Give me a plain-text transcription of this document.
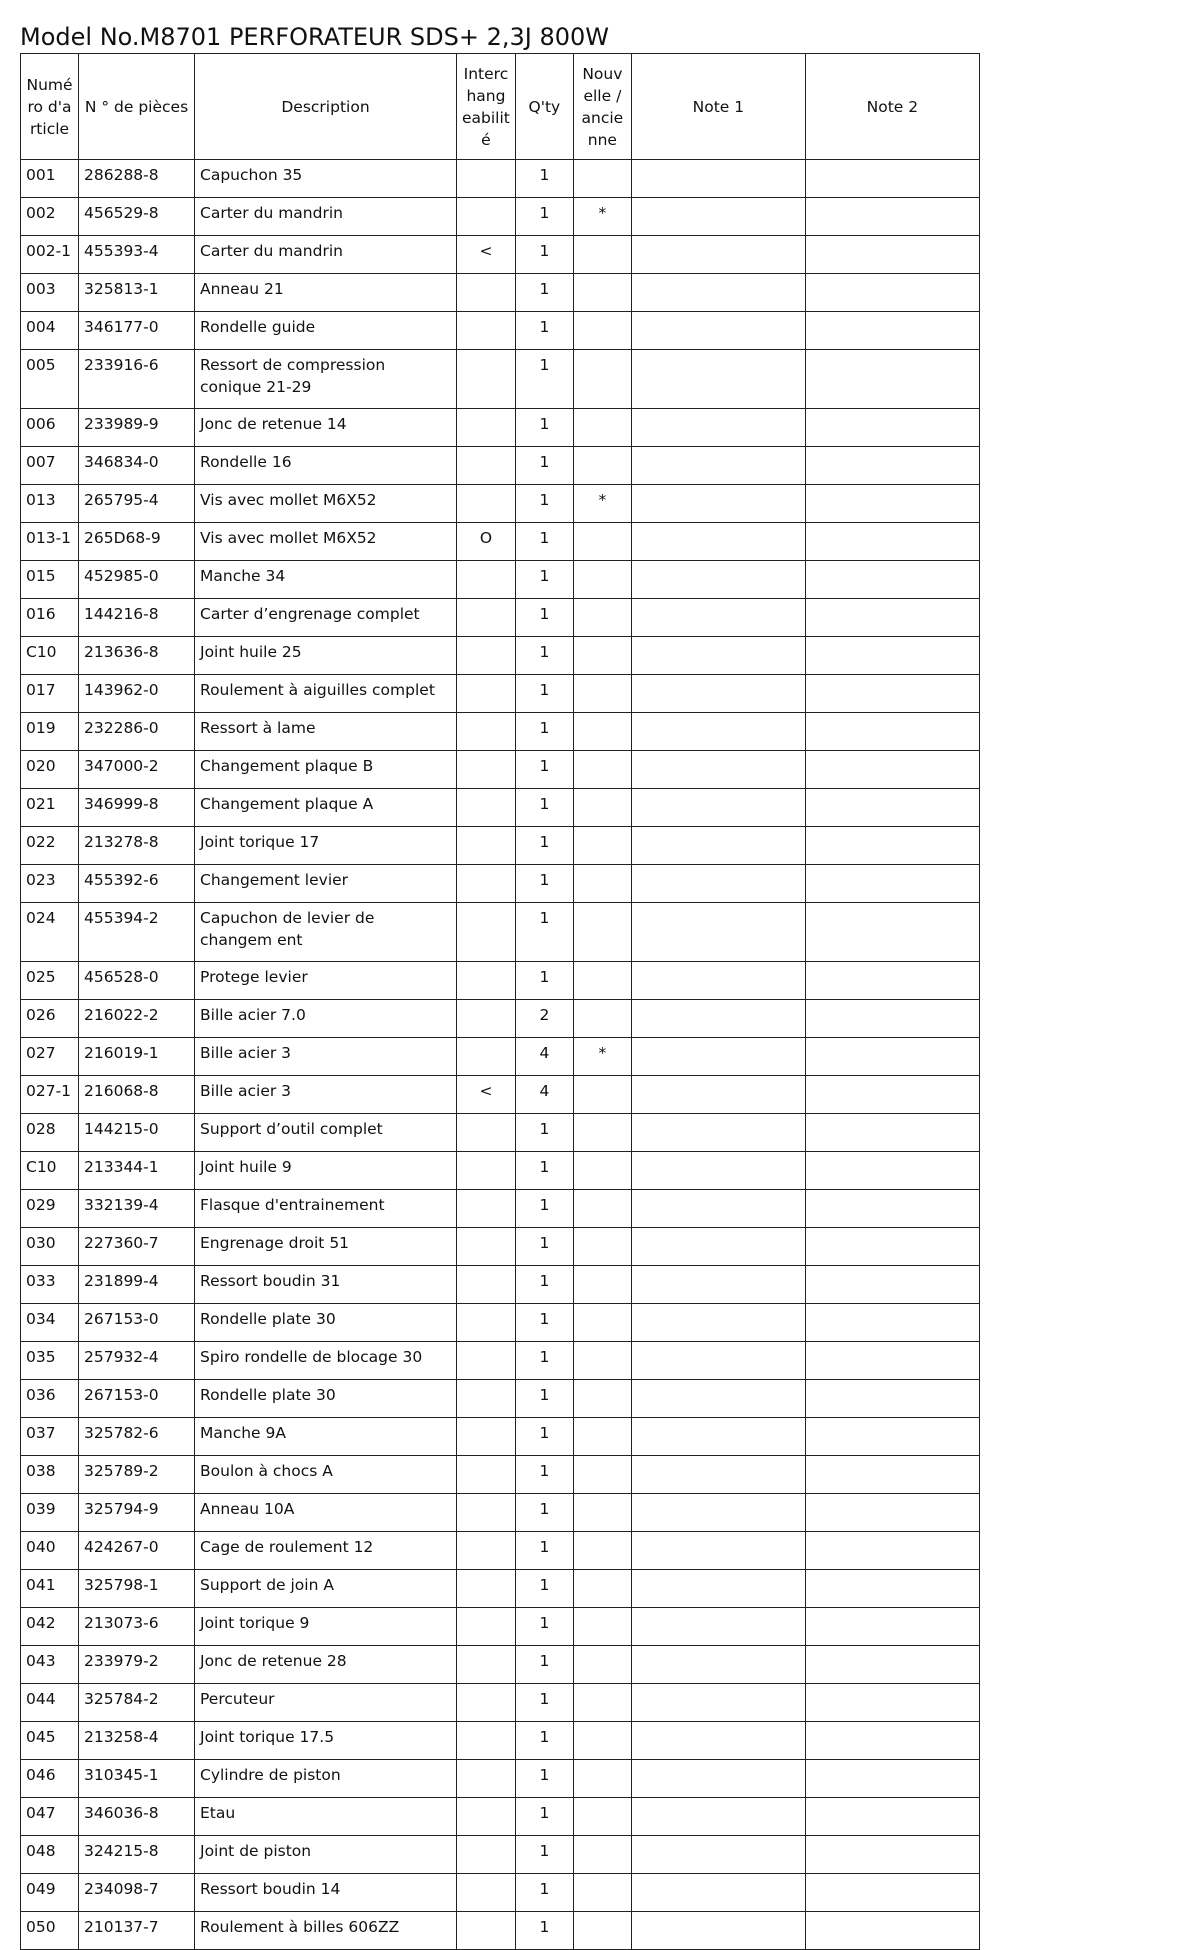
Model No.M8701 PERFORATEUR SDS+ 2,3J 800W
Numé ro d'a rticle	N ° de pièces	Description	Interc hang eabilit é	Q'ty	Nouv elle / ancie nne	Note 1	Note 2
001	286288-8	Capuchon 35		1			
002	456529-8	Carter du mandrin		1	*		
002-1	455393-4	Carter du mandrin	<	1			
003	325813-1	Anneau 21		1			
004	346177-0	Rondelle guide		1			
005	233916-6	Ressort de compression conique 21-29		1			
006	233989-9	Jonc de retenue 14		1			
007	346834-0	Rondelle 16		1			
013	265795-4	Vis avec mollet M6X52		1	*		
013-1	265D68-9	Vis avec mollet M6X52	O	1			
015	452985-0	Manche 34		1			
016	144216-8	Carter d’engrenage complet		1			
C10	213636-8	Joint huile 25		1			
017	143962-0	Roulement à aiguilles complet		1			
019	232286-0	Ressort à lame		1			
020	347000-2	Changement plaque B		1			
021	346999-8	Changement plaque A		1			
022	213278-8	Joint torique 17		1			
023	455392-6	Changement levier		1			
024	455394-2	Capuchon de levier de changem ent		1			
025	456528-0	Protege levier		1			
026	216022-2	Bille acier 7.0		2			
027	216019-1	Bille acier 3		4	*		
027-1	216068-8	Bille acier 3	<	4			
028	144215-0	Support d’outil complet		1			
C10	213344-1	Joint huile 9		1			
029	332139-4	Flasque d'entrainement		1			
030	227360-7	Engrenage droit 51		1			
033	231899-4	Ressort boudin 31		1			
034	267153-0	Rondelle plate 30		1			
035	257932-4	Spiro rondelle de blocage 30		1			
036	267153-0	Rondelle plate 30		1			
037	325782-6	Manche 9A		1			
038	325789-2	Boulon à chocs A		1			
039	325794-9	Anneau 10A		1			
040	424267-0	Cage de roulement 12		1			
041	325798-1	Support de join A		1			
042	213073-6	Joint torique 9		1			
043	233979-2	Jonc de retenue 28		1			
044	325784-2	Percuteur		1			
045	213258-4	Joint torique 17.5		1			
046	310345-1	Cylindre de piston		1			
047	346036-8	Etau		1			
048	324215-8	Joint de piston		1			
049	234098-7	Ressort boudin 14		1			
050	210137-7	Roulement à billes 606ZZ		1			
